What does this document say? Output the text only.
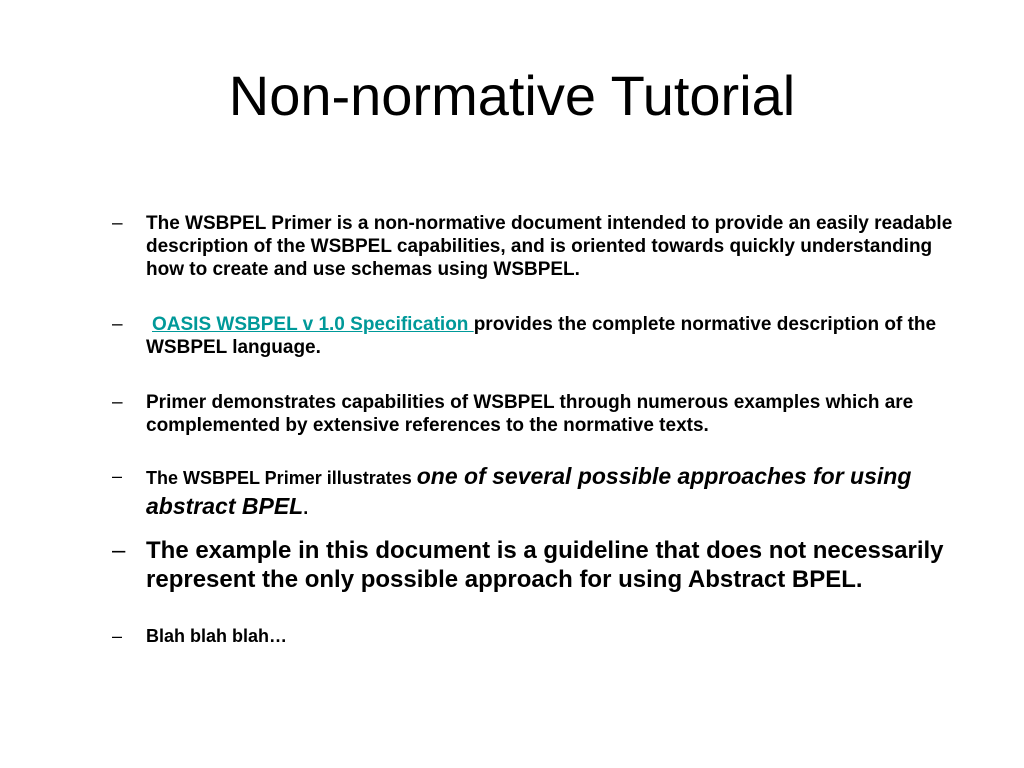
Non-normative Tutorial
– The WSBPEL Primer is a non-normative document intended to provide an easily readable description of the WSBPEL capabilities, and is oriented towards quickly understanding how to create and use schemas using WSBPEL.
– OASIS WSBPEL v 1.0 Specification provides the complete normative description of the WSBPEL language.
– Primer demonstrates capabilities of WSBPEL through numerous examples which are complemented by extensive references to the normative texts.
– The WSBPEL Primer illustrates one of several possible approaches for using abstract BPEL.
– The example in this document is a guideline that does not necessarily represent the only possible approach for using Abstract BPEL.
– Blah blah blah…
